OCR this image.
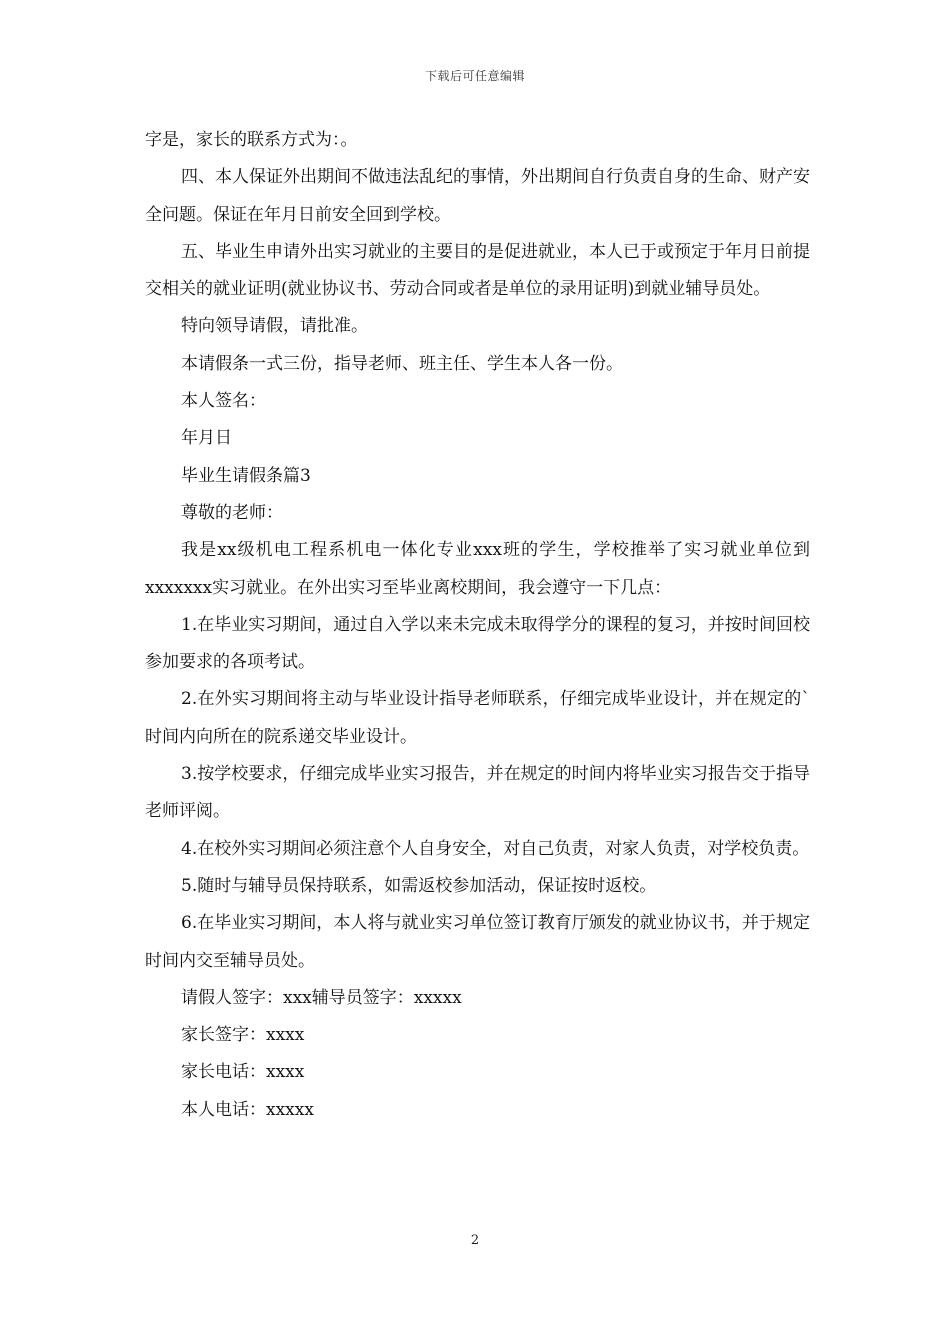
下载后可任意编辑

字是，家长的联系方式为：。

四、本人保证外出期间不做违法乱纪的事情，外出期间自行负责自身的生命、财产安全问题。保证在年月日前安全回到学校。

五、毕业生申请外出实习就业的主要目的是促进就业，本人已于或预定于年月日前提交相关的就业证明(就业协议书、劳动合同或者是单位的录用证明)到就业辅导员处。

特向领导请假，请批准。

本请假条一式三份，指导老师、班主任、学生本人各一份。

本人签名：

年月日

毕业生请假条篇3

尊敬的老师：

我是xx级机电工程系机电一体化专业xxx班的学生，学校推举了实习就业单位到xxxxxxx实习就业。在外出实习至毕业离校期间，我会遵守一下几点：

1.在毕业实习期间，通过自入学以来未完成未取得学分的课程的复习，并按时间回校参加要求的各项考试。

2.在外实习期间将主动与毕业设计指导老师联系，仔细完成毕业设计，并在规定的`时间内向所在的院系递交毕业设计。

3.按学校要求，仔细完成毕业实习报告，并在规定的时间内将毕业实习报告交于指导老师评阅。

4.在校外实习期间必须注意个人自身安全，对自己负责，对家人负责，对学校负责。

5.随时与辅导员保持联系，如需返校参加活动，保证按时返校。

6.在毕业实习期间，本人将与就业实习单位签订教育厅颁发的就业协议书，并于规定时间内交至辅导员处。

请假人签字：xxx辅导员签字：xxxxx

家长签字：xxxx

家长电话：xxxx

本人电话：xxxxx

2
